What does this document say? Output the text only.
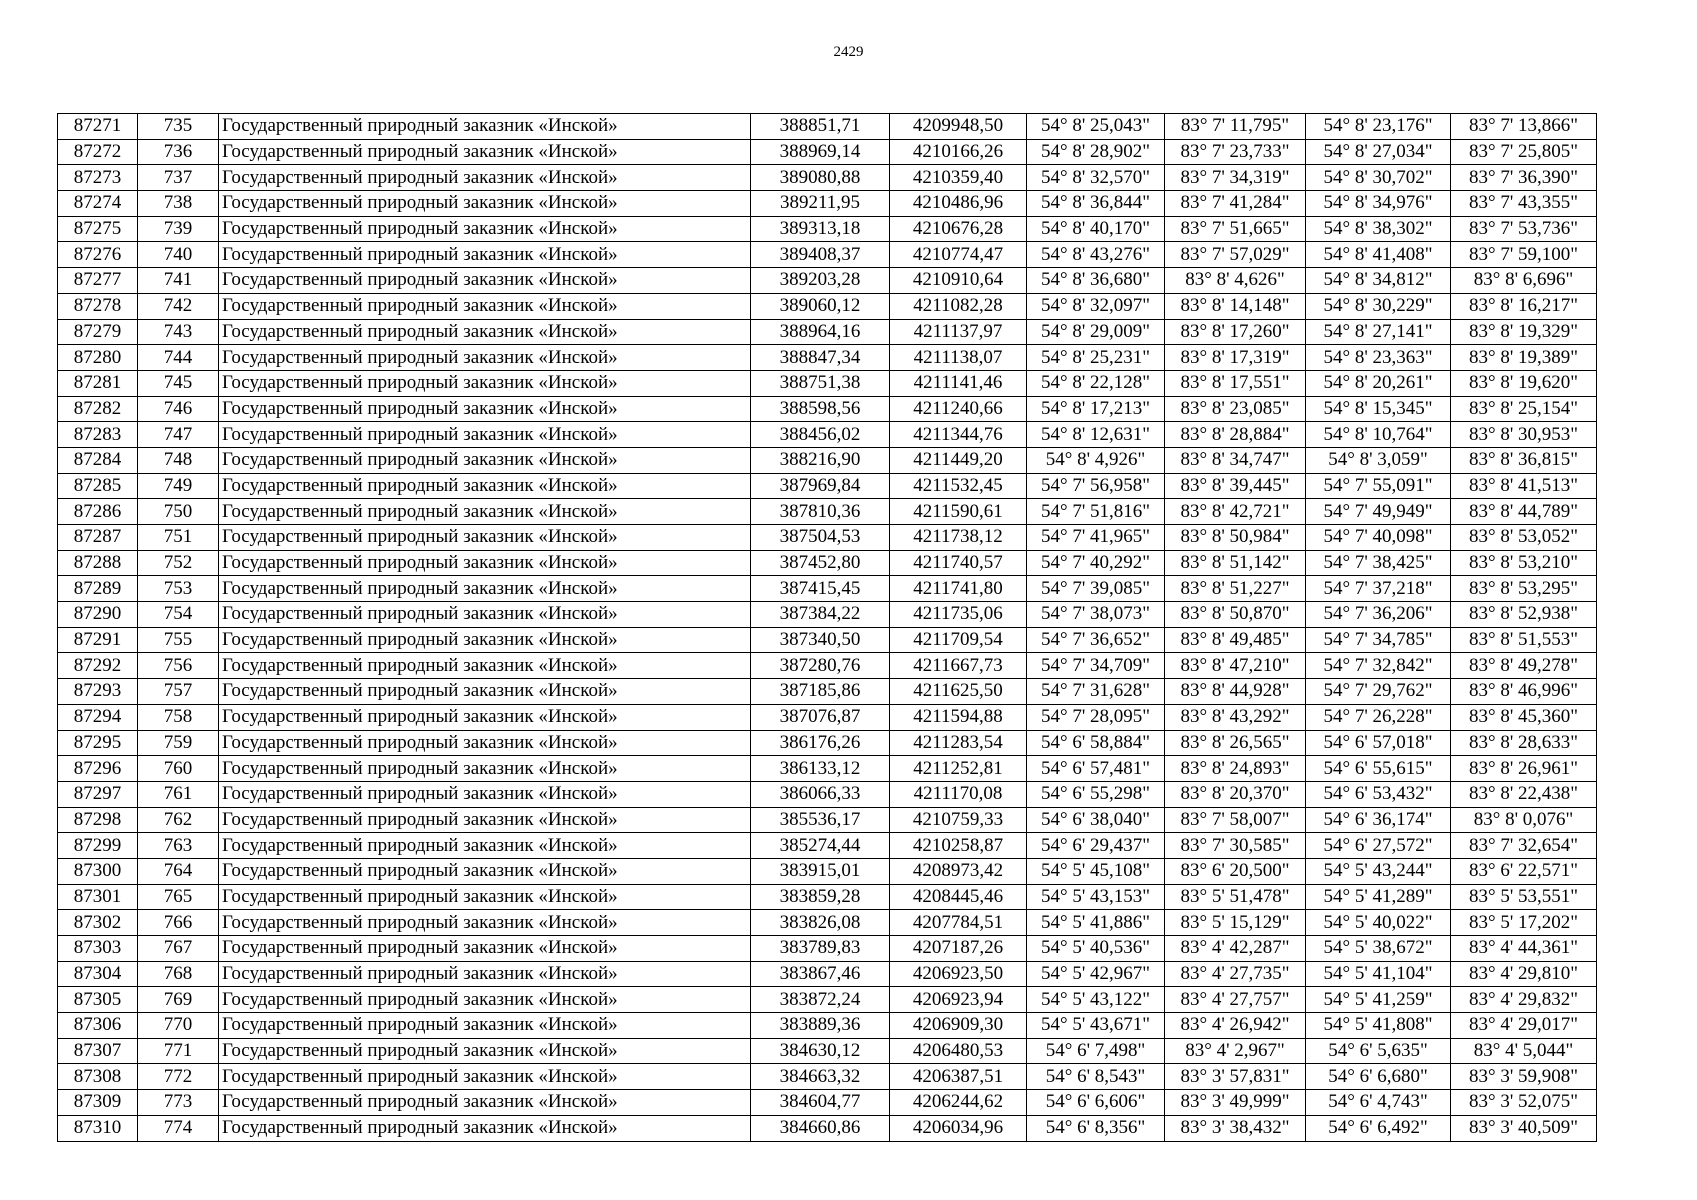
2429
87271	735	Государственный природный заказник «Инской»	388851,71	4209948,50	54° 8' 25,043"	83° 7' 11,795"	54° 8' 23,176"	83° 7' 13,866"
87272	736	Государственный природный заказник «Инской»	388969,14	4210166,26	54° 8' 28,902"	83° 7' 23,733"	54° 8' 27,034"	83° 7' 25,805"
87273	737	Государственный природный заказник «Инской»	389080,88	4210359,40	54° 8' 32,570"	83° 7' 34,319"	54° 8' 30,702"	83° 7' 36,390"
87274	738	Государственный природный заказник «Инской»	389211,95	4210486,96	54° 8' 36,844"	83° 7' 41,284"	54° 8' 34,976"	83° 7' 43,355"
87275	739	Государственный природный заказник «Инской»	389313,18	4210676,28	54° 8' 40,170"	83° 7' 51,665"	54° 8' 38,302"	83° 7' 53,736"
87276	740	Государственный природный заказник «Инской»	389408,37	4210774,47	54° 8' 43,276"	83° 7' 57,029"	54° 8' 41,408"	83° 7' 59,100"
87277	741	Государственный природный заказник «Инской»	389203,28	4210910,64	54° 8' 36,680"	83° 8' 4,626"	54° 8' 34,812"	83° 8' 6,696"
87278	742	Государственный природный заказник «Инской»	389060,12	4211082,28	54° 8' 32,097"	83° 8' 14,148"	54° 8' 30,229"	83° 8' 16,217"
87279	743	Государственный природный заказник «Инской»	388964,16	4211137,97	54° 8' 29,009"	83° 8' 17,260"	54° 8' 27,141"	83° 8' 19,329"
87280	744	Государственный природный заказник «Инской»	388847,34	4211138,07	54° 8' 25,231"	83° 8' 17,319"	54° 8' 23,363"	83° 8' 19,389"
87281	745	Государственный природный заказник «Инской»	388751,38	4211141,46	54° 8' 22,128"	83° 8' 17,551"	54° 8' 20,261"	83° 8' 19,620"
87282	746	Государственный природный заказник «Инской»	388598,56	4211240,66	54° 8' 17,213"	83° 8' 23,085"	54° 8' 15,345"	83° 8' 25,154"
87283	747	Государственный природный заказник «Инской»	388456,02	4211344,76	54° 8' 12,631"	83° 8' 28,884"	54° 8' 10,764"	83° 8' 30,953"
87284	748	Государственный природный заказник «Инской»	388216,90	4211449,20	54° 8' 4,926"	83° 8' 34,747"	54° 8' 3,059"	83° 8' 36,815"
87285	749	Государственный природный заказник «Инской»	387969,84	4211532,45	54° 7' 56,958"	83° 8' 39,445"	54° 7' 55,091"	83° 8' 41,513"
87286	750	Государственный природный заказник «Инской»	387810,36	4211590,61	54° 7' 51,816"	83° 8' 42,721"	54° 7' 49,949"	83° 8' 44,789"
87287	751	Государственный природный заказник «Инской»	387504,53	4211738,12	54° 7' 41,965"	83° 8' 50,984"	54° 7' 40,098"	83° 8' 53,052"
87288	752	Государственный природный заказник «Инской»	387452,80	4211740,57	54° 7' 40,292"	83° 8' 51,142"	54° 7' 38,425"	83° 8' 53,210"
87289	753	Государственный природный заказник «Инской»	387415,45	4211741,80	54° 7' 39,085"	83° 8' 51,227"	54° 7' 37,218"	83° 8' 53,295"
87290	754	Государственный природный заказник «Инской»	387384,22	4211735,06	54° 7' 38,073"	83° 8' 50,870"	54° 7' 36,206"	83° 8' 52,938"
87291	755	Государственный природный заказник «Инской»	387340,50	4211709,54	54° 7' 36,652"	83° 8' 49,485"	54° 7' 34,785"	83° 8' 51,553"
87292	756	Государственный природный заказник «Инской»	387280,76	4211667,73	54° 7' 34,709"	83° 8' 47,210"	54° 7' 32,842"	83° 8' 49,278"
87293	757	Государственный природный заказник «Инской»	387185,86	4211625,50	54° 7' 31,628"	83° 8' 44,928"	54° 7' 29,762"	83° 8' 46,996"
87294	758	Государственный природный заказник «Инской»	387076,87	4211594,88	54° 7' 28,095"	83° 8' 43,292"	54° 7' 26,228"	83° 8' 45,360"
87295	759	Государственный природный заказник «Инской»	386176,26	4211283,54	54° 6' 58,884"	83° 8' 26,565"	54° 6' 57,018"	83° 8' 28,633"
87296	760	Государственный природный заказник «Инской»	386133,12	4211252,81	54° 6' 57,481"	83° 8' 24,893"	54° 6' 55,615"	83° 8' 26,961"
87297	761	Государственный природный заказник «Инской»	386066,33	4211170,08	54° 6' 55,298"	83° 8' 20,370"	54° 6' 53,432"	83° 8' 22,438"
87298	762	Государственный природный заказник «Инской»	385536,17	4210759,33	54° 6' 38,040"	83° 7' 58,007"	54° 6' 36,174"	83° 8' 0,076"
87299	763	Государственный природный заказник «Инской»	385274,44	4210258,87	54° 6' 29,437"	83° 7' 30,585"	54° 6' 27,572"	83° 7' 32,654"
87300	764	Государственный природный заказник «Инской»	383915,01	4208973,42	54° 5' 45,108"	83° 6' 20,500"	54° 5' 43,244"	83° 6' 22,571"
87301	765	Государственный природный заказник «Инской»	383859,28	4208445,46	54° 5' 43,153"	83° 5' 51,478"	54° 5' 41,289"	83° 5' 53,551"
87302	766	Государственный природный заказник «Инской»	383826,08	4207784,51	54° 5' 41,886"	83° 5' 15,129"	54° 5' 40,022"	83° 5' 17,202"
87303	767	Государственный природный заказник «Инской»	383789,83	4207187,26	54° 5' 40,536"	83° 4' 42,287"	54° 5' 38,672"	83° 4' 44,361"
87304	768	Государственный природный заказник «Инской»	383867,46	4206923,50	54° 5' 42,967"	83° 4' 27,735"	54° 5' 41,104"	83° 4' 29,810"
87305	769	Государственный природный заказник «Инской»	383872,24	4206923,94	54° 5' 43,122"	83° 4' 27,757"	54° 5' 41,259"	83° 4' 29,832"
87306	770	Государственный природный заказник «Инской»	383889,36	4206909,30	54° 5' 43,671"	83° 4' 26,942"	54° 5' 41,808"	83° 4' 29,017"
87307	771	Государственный природный заказник «Инской»	384630,12	4206480,53	54° 6' 7,498"	83° 4' 2,967"	54° 6' 5,635"	83° 4' 5,044"
87308	772	Государственный природный заказник «Инской»	384663,32	4206387,51	54° 6' 8,543"	83° 3' 57,831"	54° 6' 6,680"	83° 3' 59,908"
87309	773	Государственный природный заказник «Инской»	384604,77	4206244,62	54° 6' 6,606"	83° 3' 49,999"	54° 6' 4,743"	83° 3' 52,075"
87310	774	Государственный природный заказник «Инской»	384660,86	4206034,96	54° 6' 8,356"	83° 3' 38,432"	54° 6' 6,492"	83° 3' 40,509"
